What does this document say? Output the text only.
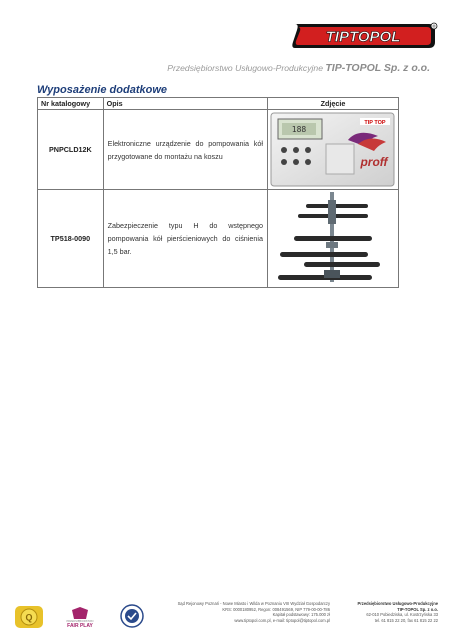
TIPTOPOL
®
Przedsiębiorstwo Usługowo-Produkcyjne TIP-TOPOL Sp. z o.o.
Wyposażenie dodatkowe
Nr katalogowy	Opis	Zdjęcie
PNPCLD12K	Elektroniczne urządzenie do pompowania kół przygotowane do montażu na koszu	188
TIP TOP
proff

TP518-0090	Zabezpieczenie typu H do wstępnego pompowania kół pierścieniowych do ciśnienia 1,5 bar.	
Q	PRZEDSIĘBIORSTWO
FAIR PLAY
Sąd Rejonowy Poznań - Nowe Miasto i Wilda w Poznaniu VIII Wydział Gospodarczy
KRS: 0000180952, Regon: 008491569, NIP 779-00-00-786
Kapitał podstawowy: 175.000 zł
www.tiptopol.com.pl, e-mail: tiptopol@tiptopol.com.pl
Przedsiębiorstwo Usługowo-Produkcyjne
TIP-TOPOL Sp. z o.o.
62-010 Pobiedziska, ul. Kostrzyńska 33
tel. 61 815 22 20, fax 61 815 22 22
